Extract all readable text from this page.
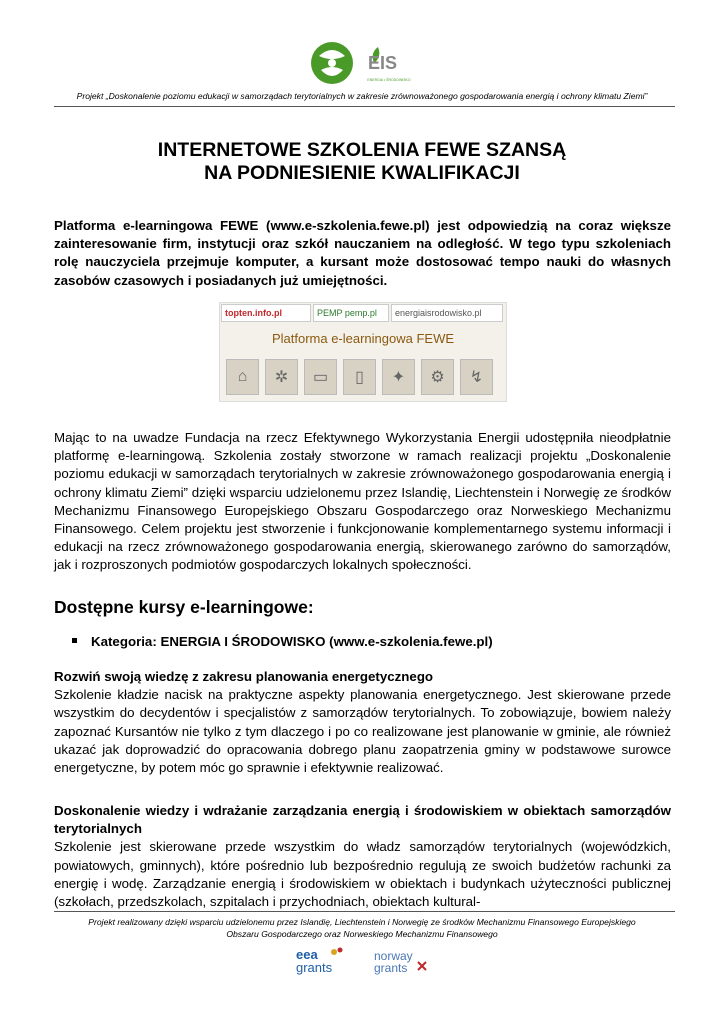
EIS
ENERGIA • ŚRODOWISKO
Projekt „Doskonalenie poziomu edukacji w samorządach terytorialnych w zakresie zrównoważonego gospodarowania energią i ochrony klimatu Ziemi”
INTERNETOWE SZKOLENIA FEWE SZANSĄ
NA PODNIESIENIE KWALIFIKACJI
Platforma e-learningowa FEWE (www.e-szkolenia.fewe.pl) jest odpowiedzią na coraz większe zainteresowanie firm, instytucji oraz szkół nauczaniem na odległość. W tego typu szkoleniach rolę nauczyciela przejmuje komputer, a kursant może dostosować tempo nauki do własnych zasobów czasowych i posiadanych już umiejętności.
topten.info.pl	PEMP pemp.pl	energiaisrodowisko.pl
Platforma e-learningowa FEWE
⌂	✲	▭	▯	✦	⚙	↯
Mając to na uwadze Fundacja na rzecz Efektywnego Wykorzystania Energii udostępniła nieodpłatnie platformę e-learningową. Szkolenia zostały stworzone w ramach realizacji projektu „Doskonalenie poziomu edukacji w samorządach terytorialnych w zakresie zrównoważonego gospodarowania energią i ochrony klimatu Ziemi” dzięki wsparciu udzielonemu przez Islandię, Liechtenstein i Norwegię ze środków Mechanizmu Finansowego Europejskiego Obszaru Gospodarczego oraz Norweskiego Mechanizmu Finansowego. Celem projektu jest stworzenie i funkcjonowanie komplementarnego systemu informacji i edukacji na rzecz zrównoważonego gospodarowania energią, skierowanego zarówno do samorządów, jak i rozproszonych podmiotów gospodarczych lokalnych społeczności.
Dostępne kursy e-learningowe:
Kategoria: ENERGIA I ŚRODOWISKO (www.e-szkolenia.fewe.pl)
Rozwiń swoją wiedzę z zakresu planowania energetycznego
Szkolenie kładzie nacisk na praktyczne aspekty planowania energetycznego. Jest skierowane przede wszystkim do decydentów i specjalistów z samorządów terytorialnych. To zobowiązuje, bowiem należy zapoznać Kursantów nie tylko z tym dlaczego i po co realizowane jest planowanie w gminie, ale również ukazać jak doprowadzić do opracowania dobrego planu zaopatrzenia gminy w podstawowe surowce energetyczne, by potem móc go sprawnie i efektywnie realizować.
Doskonalenie wiedzy i wdrażanie zarządzania energią i środowiskiem w obiektach samorządów terytorialnych
Szkolenie jest skierowane przede wszystkim do władz samorządów terytorialnych (wojewódzkich, powiatowych, gminnych), które pośrednio lub bezpośrednio regulują ze swoich budżetów rachunki za energię i wodę. Zarządzanie energią i środowiskiem w obiektach i budynkach użyteczności publicznej (szkołach, przedszkolach, szpitalach i przychodniach, obiektach kultural-
Projekt realizowany dzięki wsparciu udzielonemu przez Islandię, Liechtenstein i Norwegię ze środków Mechanizmu Finansowego Europejskiego
Obszaru Gospodarczego oraz Norweskiego Mechanizmu Finansowego
eea
grants
norway
grants
